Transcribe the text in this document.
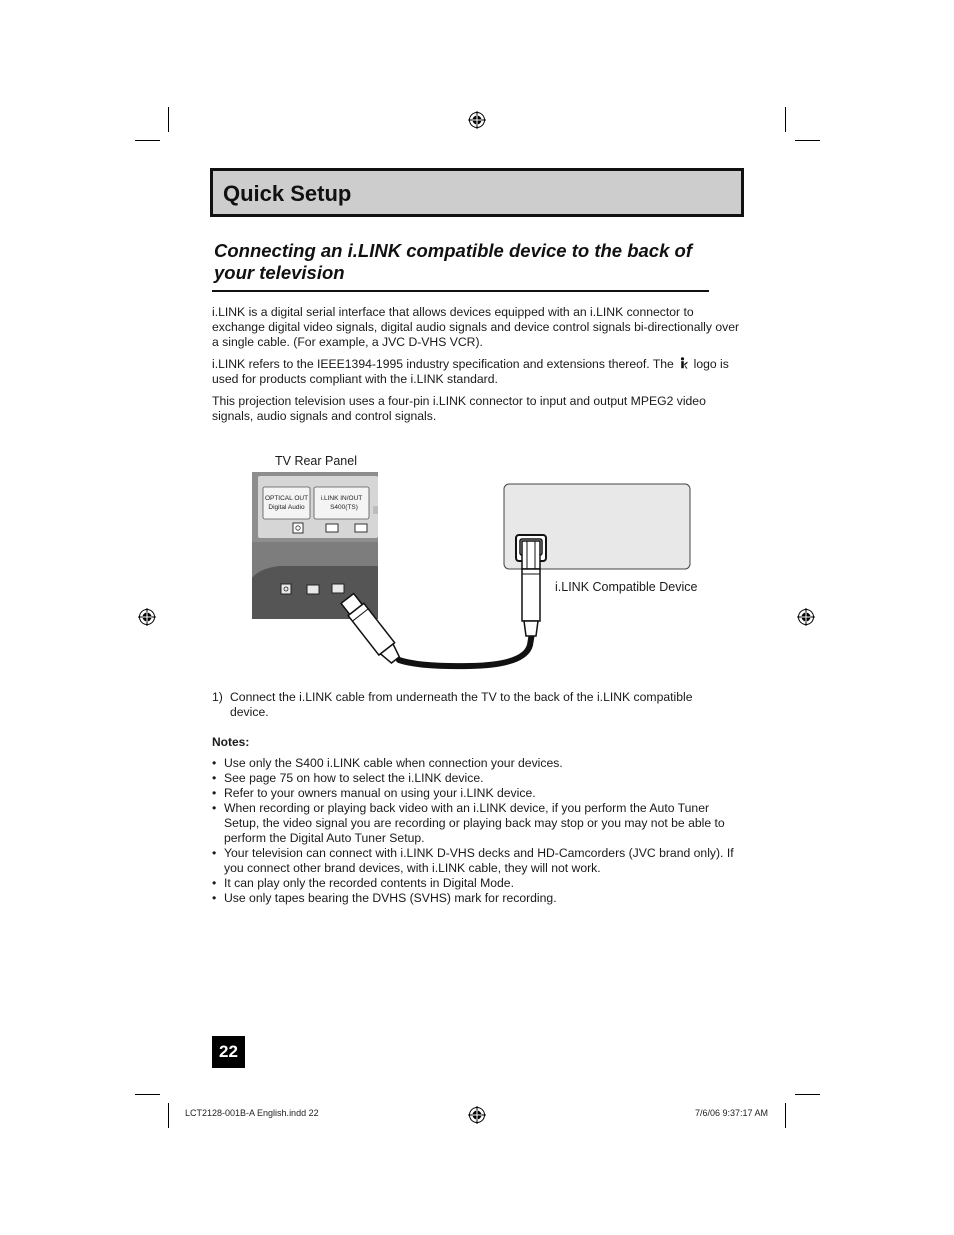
Quick Setup
Connecting an i.LINK compatible device to the back of your television
i.LINK is a digital serial interface that allows devices equipped with an i.LINK connector to exchange digital video signals, digital audio signals and device control signals bi-directionally over a single cable. (For example, a JVC D-VHS VCR).
i.LINK refers to the IEEE1394-1995 industry specification and extensions thereof. The logo is used for products compliant with the i.LINK standard.
This projection television uses a four-pin i.LINK connector to input and output MPEG2 video signals, audio signals and control signals.
TV Rear Panel
i.LINK Compatible Device
OPTICAL OUT
Digital Audio
i.LINK IN/OUT
S400(TS)
1) Connect the i.LINK cable from underneath the TV to the back of the i.LINK compatible device.
Notes:
• Use only the S400 i.LINK cable when connection your devices.
• See page 75 on how to select the i.LINK device.
• Refer to your owners manual on using your i.LINK device.
• When recording or playing back video with an i.LINK device, if you perform the Auto Tuner Setup, the video signal you are recording or playing back may stop or you may not be able to perform the Digital Auto Tuner Setup.
• Your television can connect with i.LINK D-VHS decks and HD-Camcorders (JVC brand only). If you connect other brand devices, with i.LINK cable, they will not work.
• It can play only the recorded contents in Digital Mode.
• Use only tapes bearing the DVHS (SVHS) mark for recording.
22
LCT2128-001B-A English.indd 22	7/6/06 9:37:17 AM
